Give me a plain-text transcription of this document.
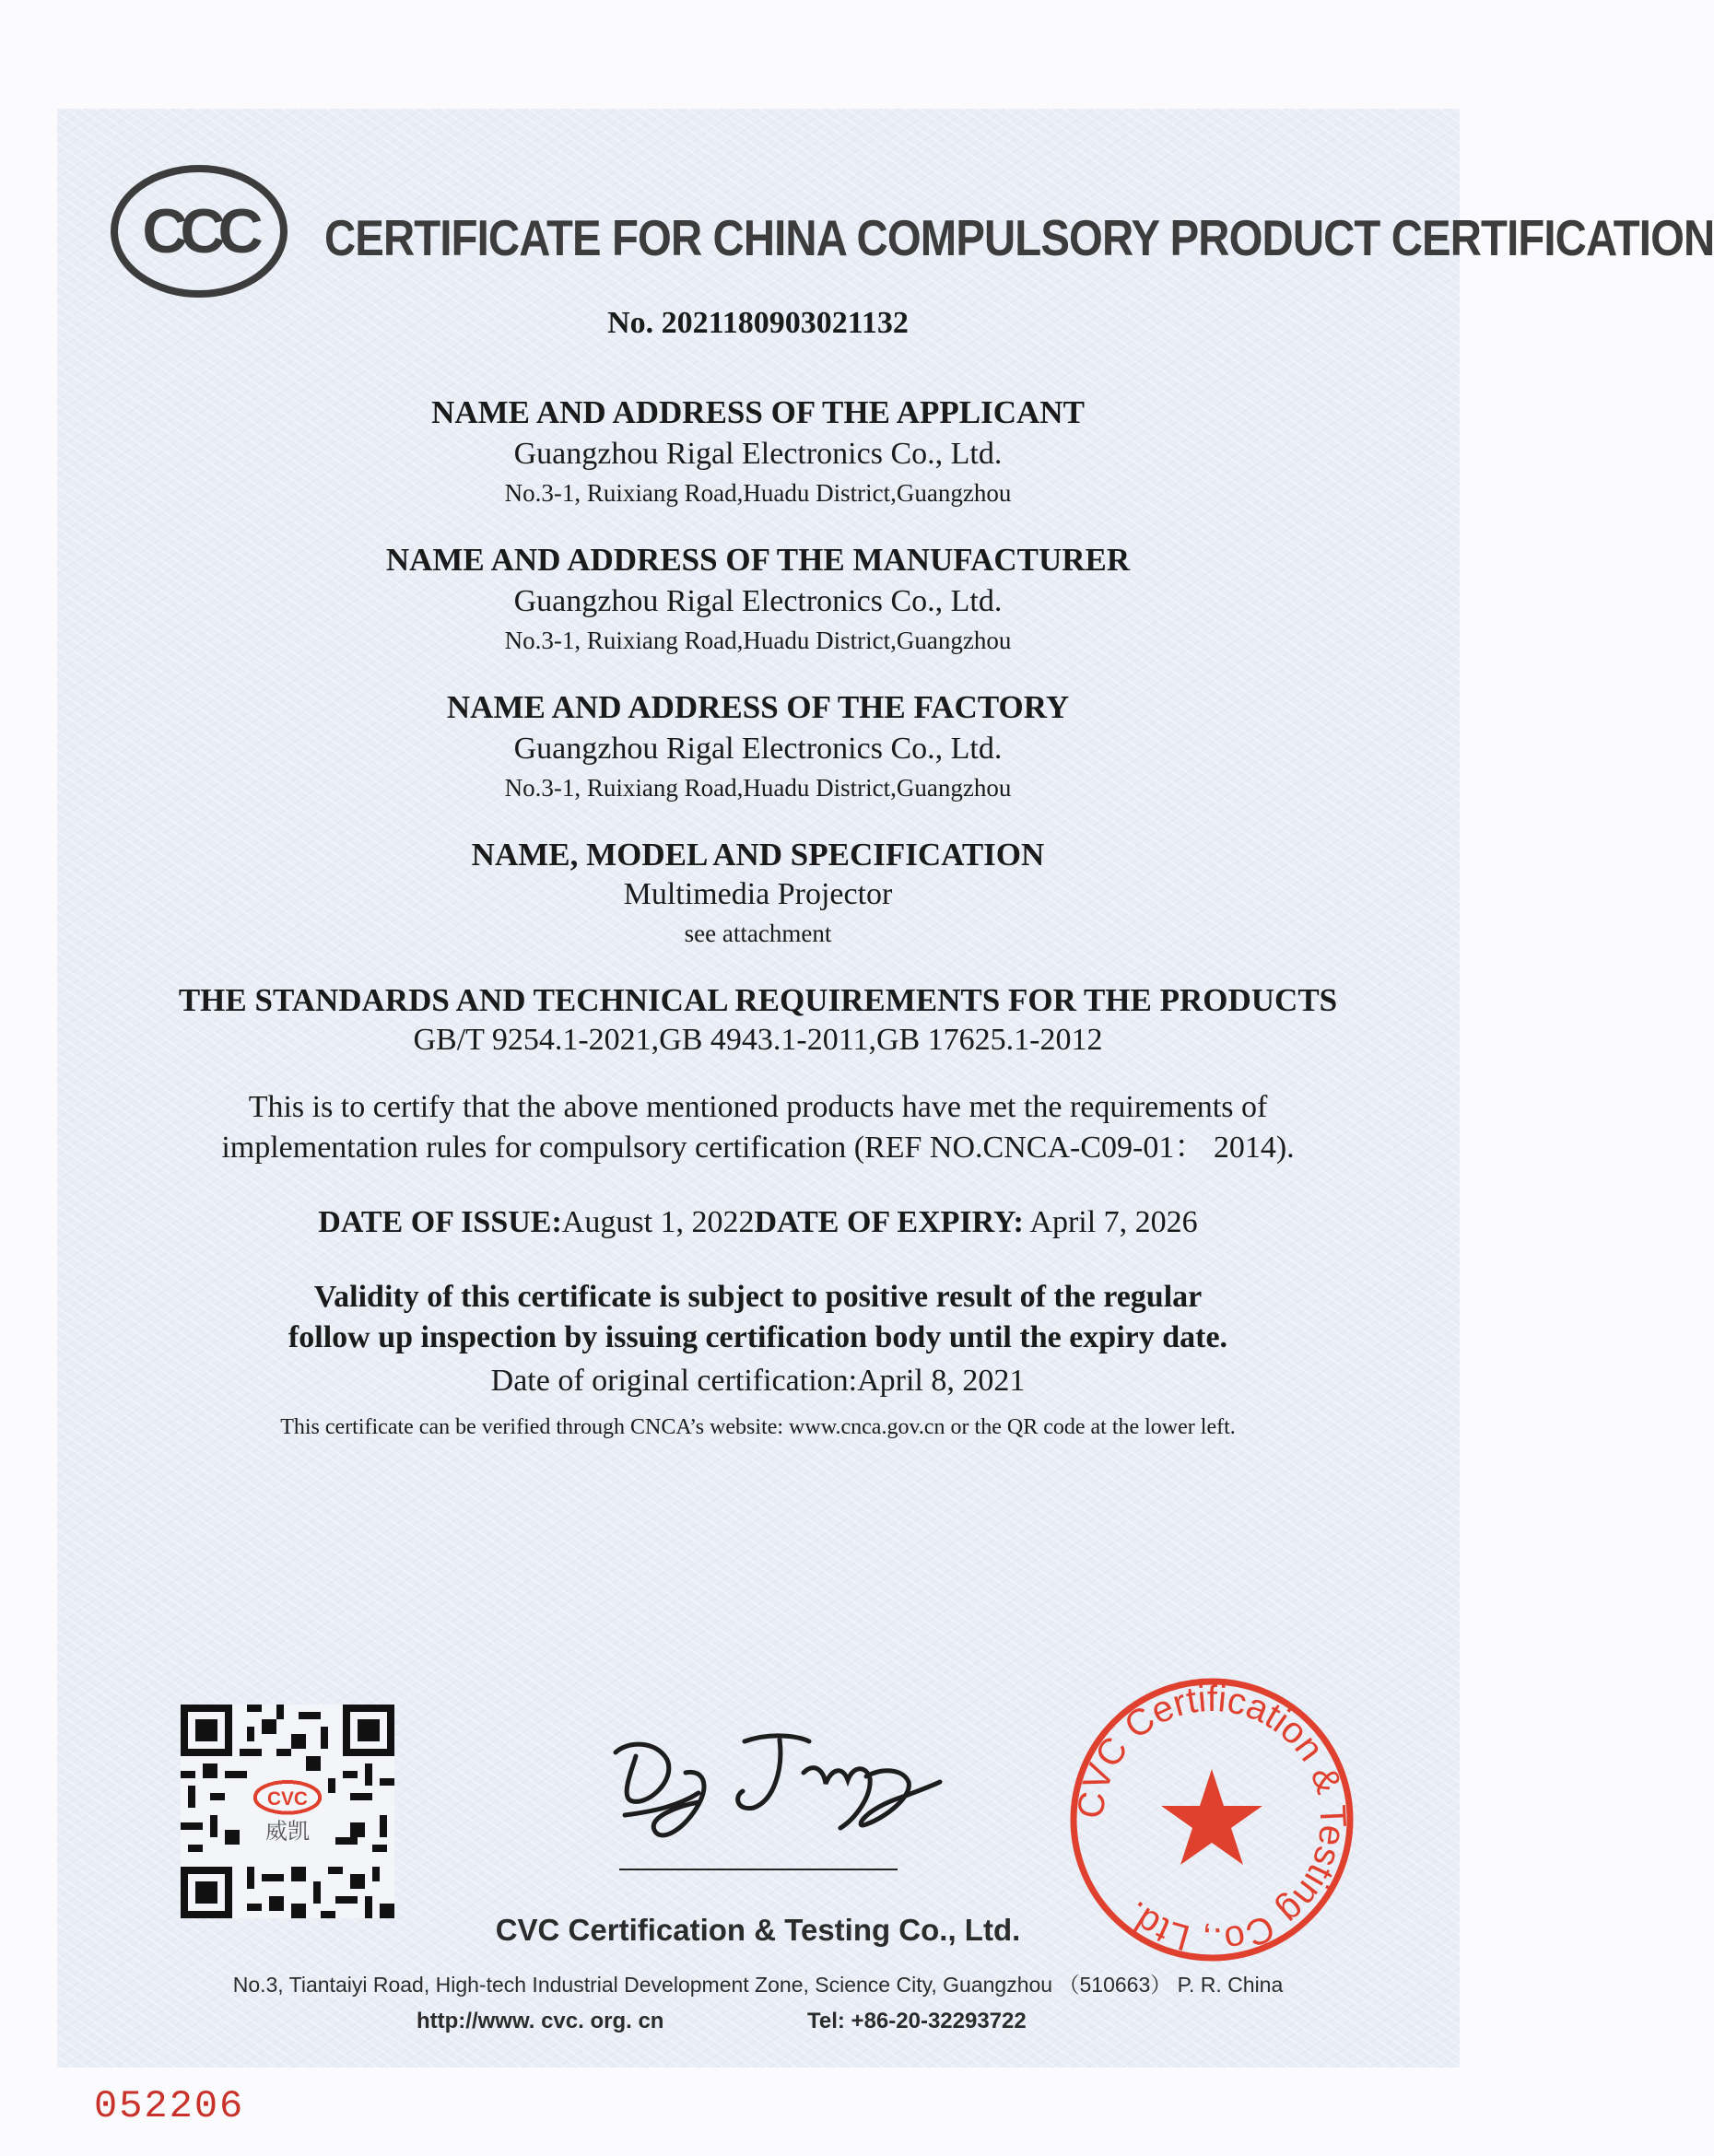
CCC CERTIFICATE FOR CHINA COMPULSORY PRODUCT CERTIFICATION
No. 2021180903021132
NAME AND ADDRESS OF THE APPLICANT
Guangzhou Rigal Electronics Co., Ltd.
No.3-1, Ruixiang Road,Huadu District,Guangzhou
NAME AND ADDRESS OF THE MANUFACTURER
Guangzhou Rigal Electronics Co., Ltd.
No.3-1, Ruixiang Road,Huadu District,Guangzhou
NAME AND ADDRESS OF THE FACTORY
Guangzhou Rigal Electronics Co., Ltd.
No.3-1, Ruixiang Road,Huadu District,Guangzhou
NAME, MODEL AND SPECIFICATION
Multimedia Projector
see attachment
THE STANDARDS AND TECHNICAL REQUIREMENTS FOR THE PRODUCTS
GB/T 9254.1-2021,GB 4943.1-2011,GB 17625.1-2012
This is to certify that the above mentioned products have met the requirements of
implementation rules for compulsory certification (REF NO.CNCA-C09-01： 2014).
DATE OF ISSUE:August 1, 2022DATE OF EXPIRY: April 7, 2026
Validity of this certificate is subject to positive result of the regular
follow up inspection by issuing certification body until the expiry date.
Date of original certification:April 8, 2021
This certificate can be verified through CNCA’s website: www.cnca.gov.cn or the QR code at the lower left.
CVC
威凯
Dy Jmyng
CVC Certification & Testing Co., Ltd.
CVC Certification & Testing Co., Ltd.
No.3, Tiantaiyi Road, High-tech Industrial Development Zone, Science City, Guangzhou （510663） P. R. China
http://www. cvc. org. cn	Tel: +86-20-32293722
052206
